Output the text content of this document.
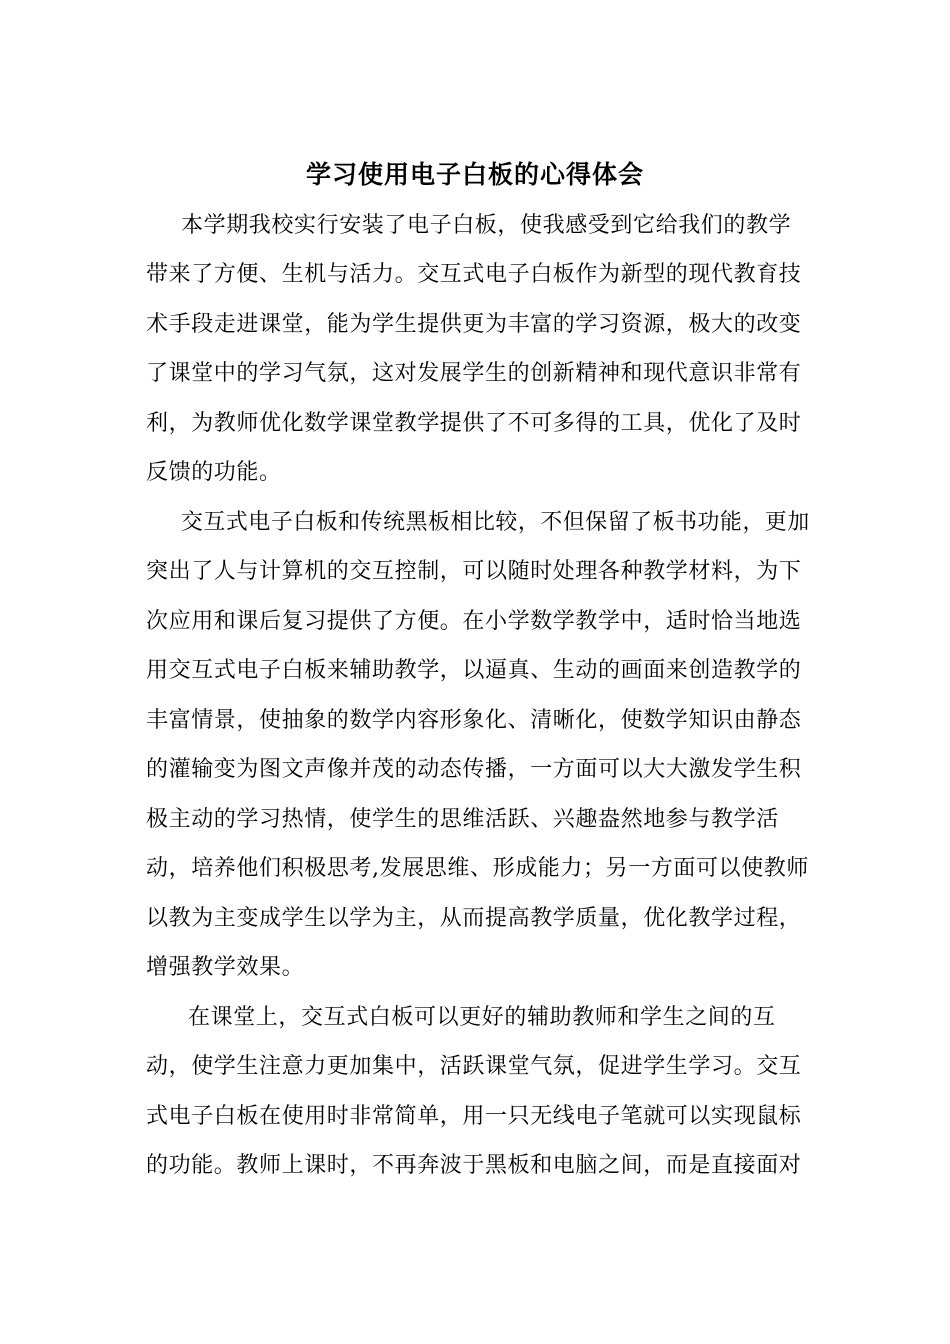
学习使用电子白板的心得体会
本学期我校实行安装了电子白板，使我感受到它给我们的教学
带来了方便、生机与活力。交互式电子白板作为新型的现代教育技
术手段走进课堂，能为学生提供更为丰富的学习资源，极大的改变
了课堂中的学习气氛，这对发展学生的创新精神和现代意识非常有
利，为教师优化数学课堂教学提供了不可多得的工具，优化了及时
反馈的功能。
交互式电子白板和传统黑板相比较，不但保留了板书功能，更加
突出了人与计算机的交互控制，可以随时处理各种教学材料，为下
次应用和课后复习提供了方便。在小学数学教学中，适时恰当地选
用交互式电子白板来辅助教学，以逼真、生动的画面来创造教学的
丰富情景，使抽象的数学内容形象化、清晰化，使数学知识由静态
的灌输变为图文声像并茂的动态传播，一方面可以大大激发学生积
极主动的学习热情，使学生的思维活跃、兴趣盎然地参与教学活
动，培养他们积极思考,发展思维、形成能力；另一方面可以使教师
以教为主变成学生以学为主，从而提高教学质量，优化教学过程，
增强教学效果。
在课堂上，交互式白板可以更好的辅助教师和学生之间的互
动，使学生注意力更加集中，活跃课堂气氛，促进学生学习。交互
式电子白板在使用时非常简单，用一只无线电子笔就可以实现鼠标
的功能。教师上课时，不再奔波于黑板和电脑之间，而是直接面对
